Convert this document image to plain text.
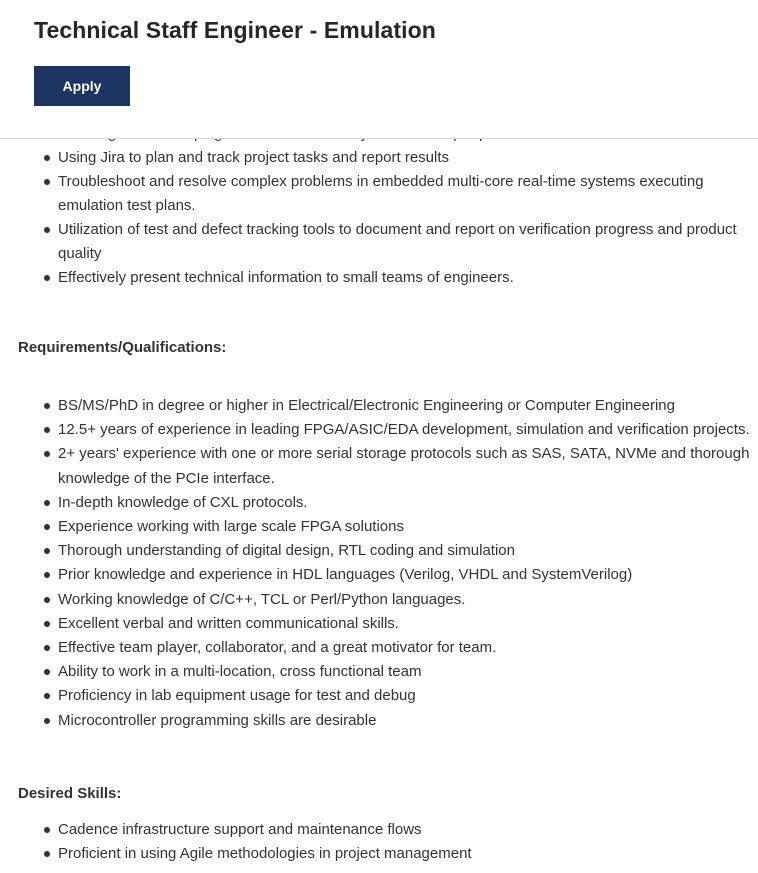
Using Jira to plan and track project tasks and report results
Troubleshoot and resolve complex problems in embedded multi-core real-time systems executing emulation test plans.
Utilization of test and defect tracking tools to document and report on verification progress and product quality
Effectively present technical information to small teams of engineers.
Requirements/Qualifications:
BS/MS/PhD in degree or higher in Electrical/Electronic Engineering or Computer Engineering
12.5+ years of experience in leading FPGA/ASIC/EDA development, simulation and verification projects.
2+ years' experience with one or more serial storage protocols such as SAS, SATA, NVMe and thorough knowledge of the PCIe interface.
In-depth knowledge of CXL protocols.
Experience working with large scale FPGA solutions
Thorough understanding of digital design, RTL coding and simulation
Prior knowledge and experience in HDL languages (Verilog, VHDL and SystemVerilog)
Working knowledge of C/C++, TCL or Perl/Python languages.
Excellent verbal and written communicational skills.
Effective team player, collaborator, and a great motivator for team.
Ability to work in a multi-location, cross functional team
Proficiency in lab equipment usage for test and debug
Microcontroller programming skills are desirable
Desired Skills:
Cadence infrastructure support and maintenance flows
Proficient in using Agile methodologies in project management
Technical Staff Engineer - Emulation
Apply
